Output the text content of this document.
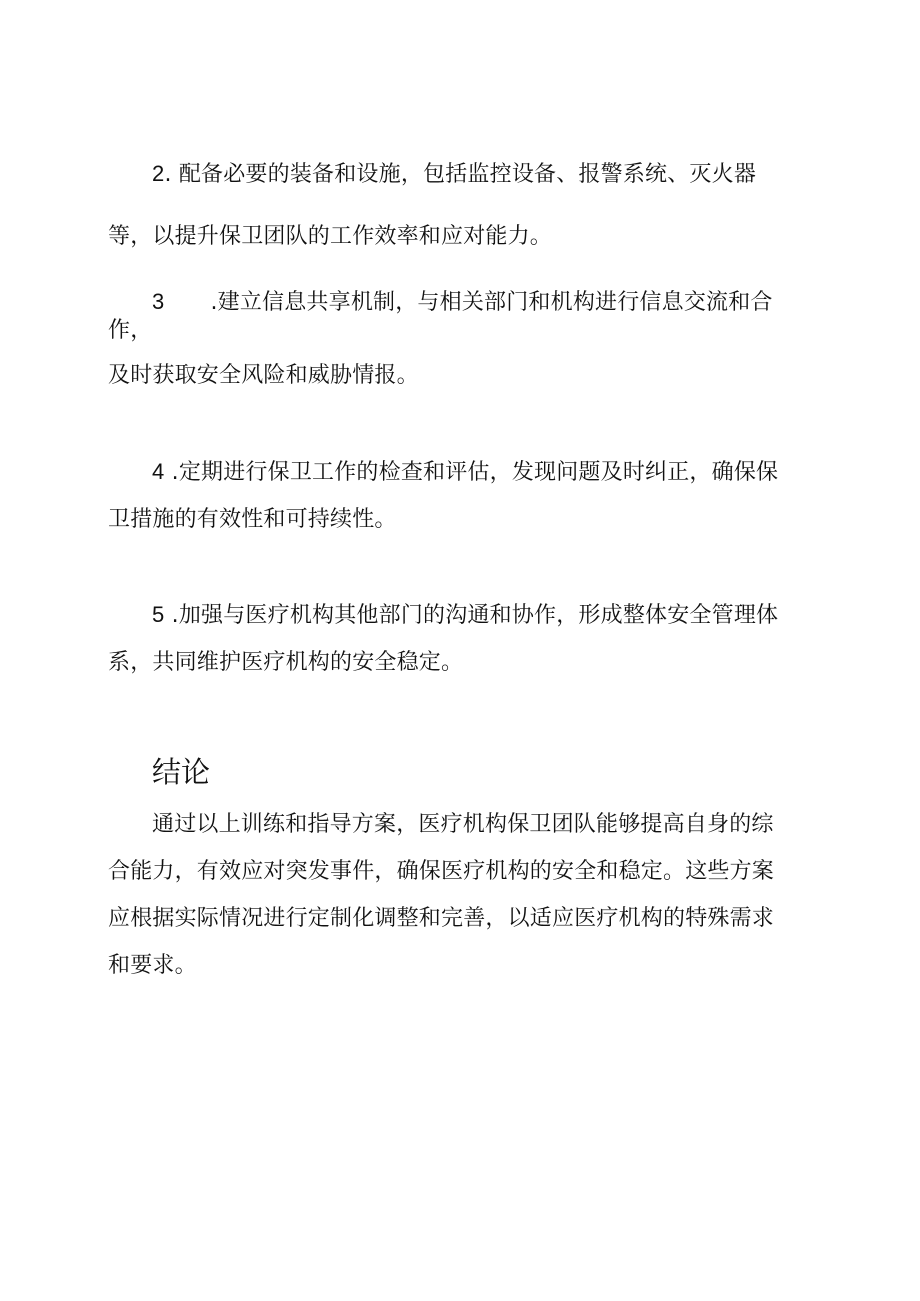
2. 配备必要的装备和设施，包括监控设备、报警系统、灭火器
等，以提升保卫团队的工作效率和应对能力。
3 .建立信息共享机制，与相关部门和机构进行信息交流和合
作，
及时获取安全风险和威胁情报。
4 .定期进行保卫工作的检查和评估，发现问题及时纠正，确保保
卫措施的有效性和可持续性。
5 .加强与医疗机构其他部门的沟通和协作，形成整体安全管理体
系，共同维护医疗机构的安全稳定。
结论
通过以上训练和指导方案，医疗机构保卫团队能够提高自身的综
合能力，有效应对突发事件，确保医疗机构的安全和稳定。这些方案
应根据实际情况进行定制化调整和完善，以适应医疗机构的特殊需求
和要求。
